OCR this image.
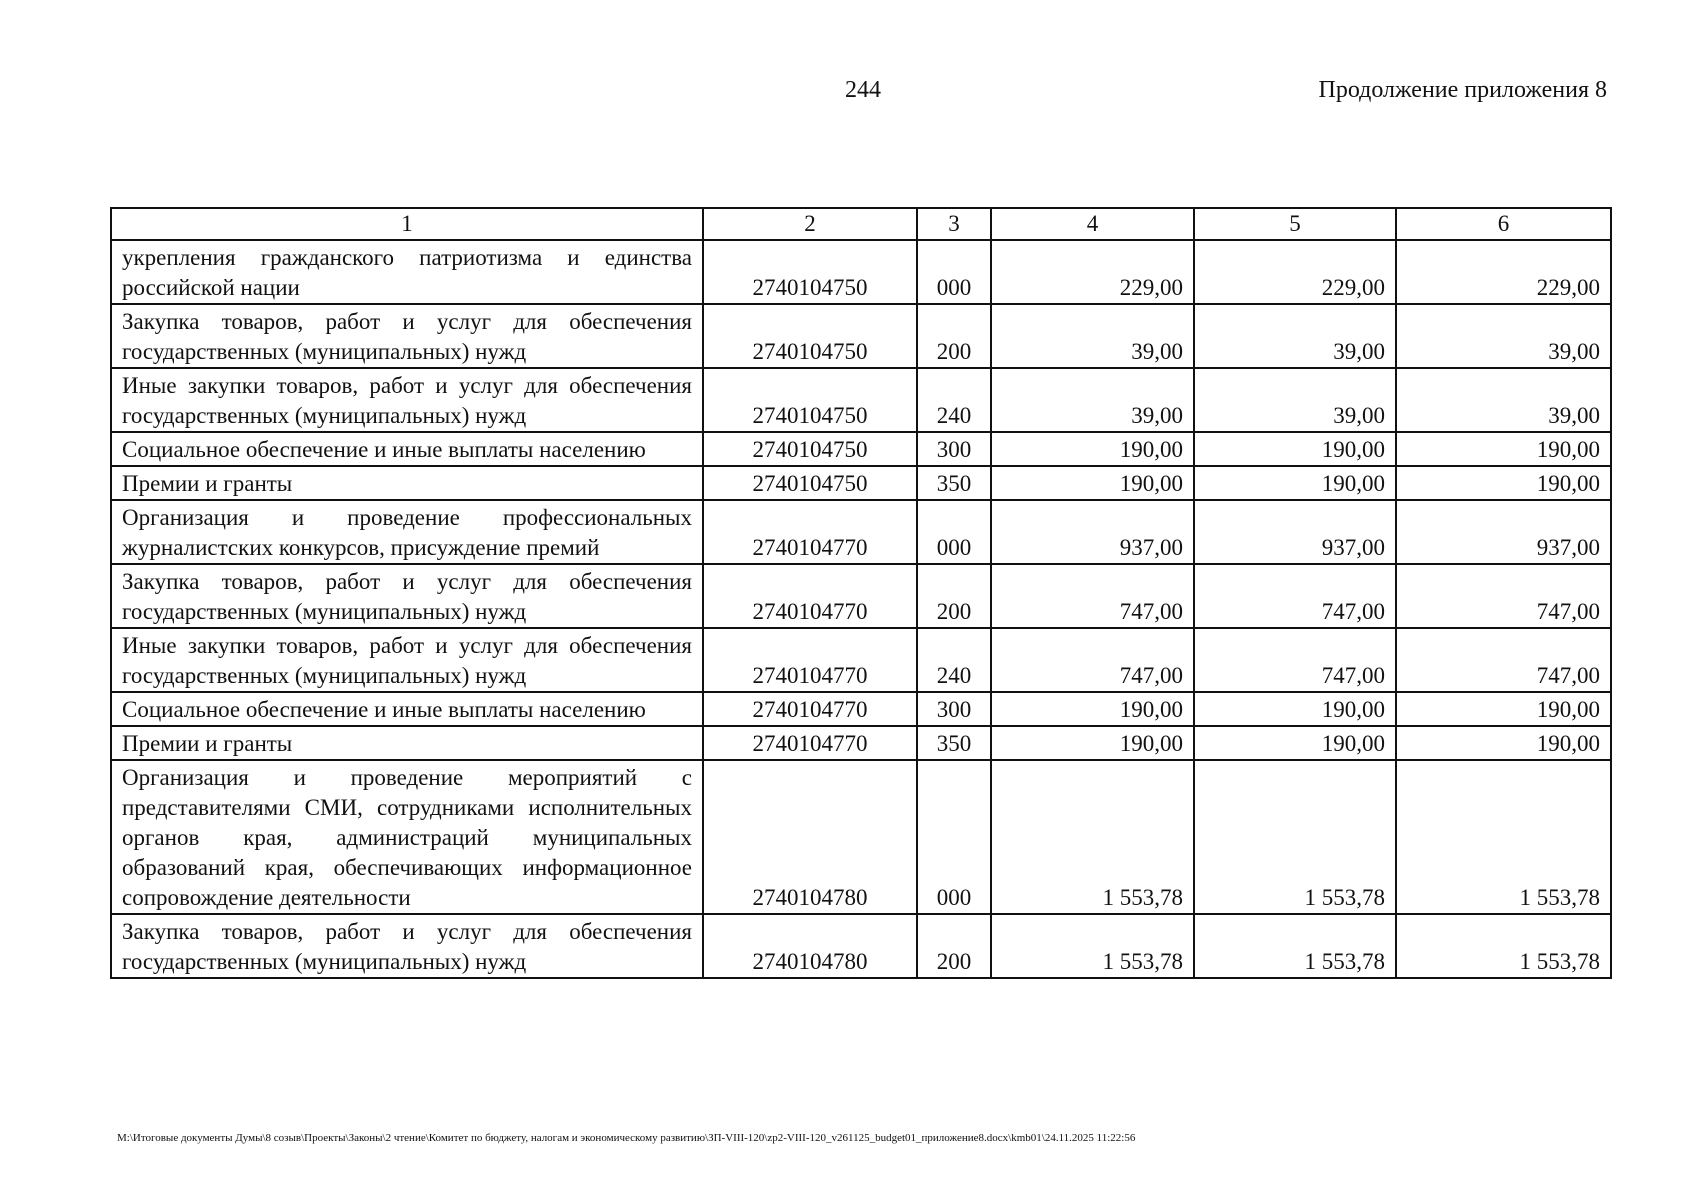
244	Продолжение приложения 8
1	2	3	4	5	6
укрепления гражданского патриотизма и единства российской нации	2740104750	000	229,00	229,00	229,00
Закупка товаров, работ и услуг для обеспечения государственных (муниципальных) нужд	2740104750	200	39,00	39,00	39,00
Иные закупки товаров, работ и услуг для обеспечения государственных (муниципальных) нужд	2740104750	240	39,00	39,00	39,00
Социальное обеспечение и иные выплаты населению	2740104750	300	190,00	190,00	190,00
Премии и гранты	2740104750	350	190,00	190,00	190,00
Организация и проведение профессиональных журналистских конкурсов, присуждение премий	2740104770	000	937,00	937,00	937,00
Закупка товаров, работ и услуг для обеспечения государственных (муниципальных) нужд	2740104770	200	747,00	747,00	747,00
Иные закупки товаров, работ и услуг для обеспечения государственных (муниципальных) нужд	2740104770	240	747,00	747,00	747,00
Социальное обеспечение и иные выплаты населению	2740104770	300	190,00	190,00	190,00
Премии и гранты	2740104770	350	190,00	190,00	190,00
Организация и проведение мероприятий с представителями СМИ, сотрудниками исполнительных органов края, администраций муниципальных образований края, обеспечивающих информационное сопровождение деятельности	2740104780	000	1 553,78	1 553,78	1 553,78
Закупка товаров, работ и услуг для обеспечения государственных (муниципальных) нужд	2740104780	200	1 553,78	1 553,78	1 553,78
M:\Итоговые документы Думы\8 созыв\Проекты\Законы\2 чтение\Комитет по бюджету, налогам и экономическому развитию\ЗП-VIII-120\zp2-VIII-120_v261125_budget01_приложение8.docx\kmb01\24.11.2025 11:22:56
